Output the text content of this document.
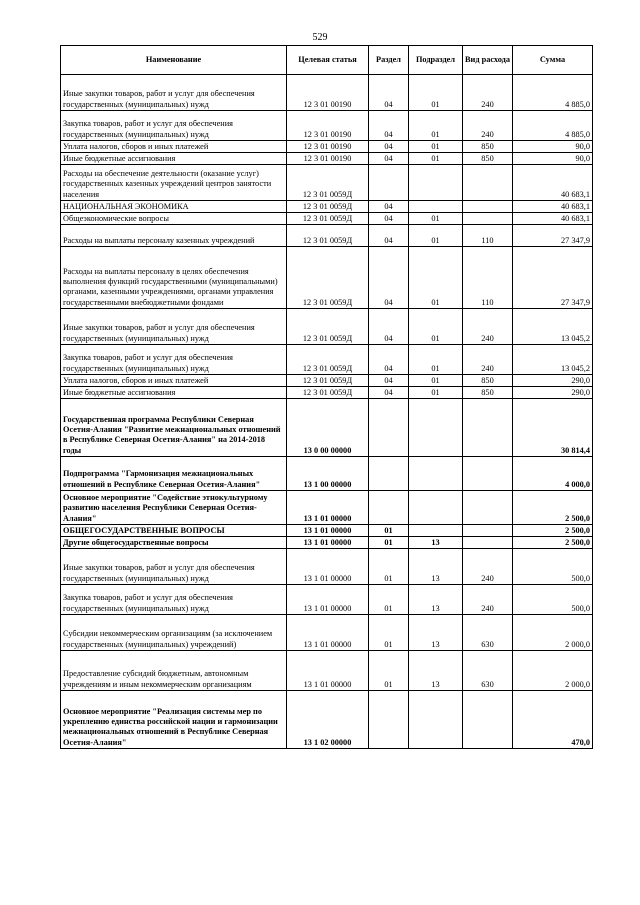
529
Наименование	Целевая статья	Раздел	Подраздел	Вид расхода	Сумма
Иные закупки товаров, работ и услуг для обеспечения государственных (муниципальных) нужд	12 3 01 00190	04	01	240	4 885,0
Закупка товаров, работ и услуг для обеспечения государственных (муниципальных) нужд	12 3 01 00190	04	01	240	4 885,0
Уплата налогов, сборов и иных платежей	12 3 01 00190	04	01	850	90,0
Иные бюджетные ассигнования	12 3 01 00190	04	01	850	90,0
Расходы на обеспечение деятельности (оказание услуг) государственных казенных учреждений центров занятости населения	12 3 01 0059Д				40 683,1
НАЦИОНАЛЬНАЯ ЭКОНОМИКА	12 3 01 0059Д	04			40 683,1
Общеэкономические вопросы	12 3 01 0059Д	04	01		40 683,1
Расходы на выплаты персоналу казенных учреждений	12 3 01 0059Д	04	01	110	27 347,9
Расходы на выплаты персоналу в целях обеспечения выполнения функций государственными (муниципальными) органами, казенными учреждениями, органами управления государственными внебюджетными фондами	12 3 01 0059Д	04	01	110	27 347,9
Иные закупки товаров, работ и услуг для обеспечения государственных (муниципальных) нужд	12 3 01 0059Д	04	01	240	13 045,2
Закупка товаров, работ и услуг для обеспечения государственных (муниципальных) нужд	12 3 01 0059Д	04	01	240	13 045,2
Уплата налогов, сборов и иных платежей	12 3 01 0059Д	04	01	850	290,0
Иные бюджетные ассигнования	12 3 01 0059Д	04	01	850	290,0
Государственная программа Республики Северная Осетия-Алания "Развитие межнациональных отношений в Республике Северная Осетия-Алания" на 2014-2018 годы	13 0 00 00000				30 814,4
Подпрограмма "Гармонизация межнациональных отношений в Республике Северная Осетия-Алания"	13 1 00 00000				4 000,0
Основное мероприятие "Содействие этнокультурному развитию населения Республики Северная Осетия-Алания"	13 1 01 00000				2 500,0
ОБЩЕГОСУДАРСТВЕННЫЕ ВОПРОСЫ	13 1 01 00000	01			2 500,0
Другие общегосударственные вопросы	13 1 01 00000	01	13		2 500,0
Иные закупки товаров, работ и услуг для обеспечения государственных (муниципальных) нужд	13 1 01 00000	01	13	240	500,0
Закупка товаров, работ и услуг для обеспечения государственных (муниципальных) нужд	13 1 01 00000	01	13	240	500,0
Субсидии некоммерческим организациям (за исключением государственных (муниципальных) учреждений)	13 1 01 00000	01	13	630	2 000,0
Предоставление субсидий бюджетным, автономным учреждениям и иным некоммерческим организациям	13 1 01 00000	01	13	630	2 000,0
Основное мероприятие "Реализация системы мер по укреплению единства российской нации и гармонизации межнациональных отношений в Республике Северная Осетия-Алания"	13 1 02 00000				470,0
